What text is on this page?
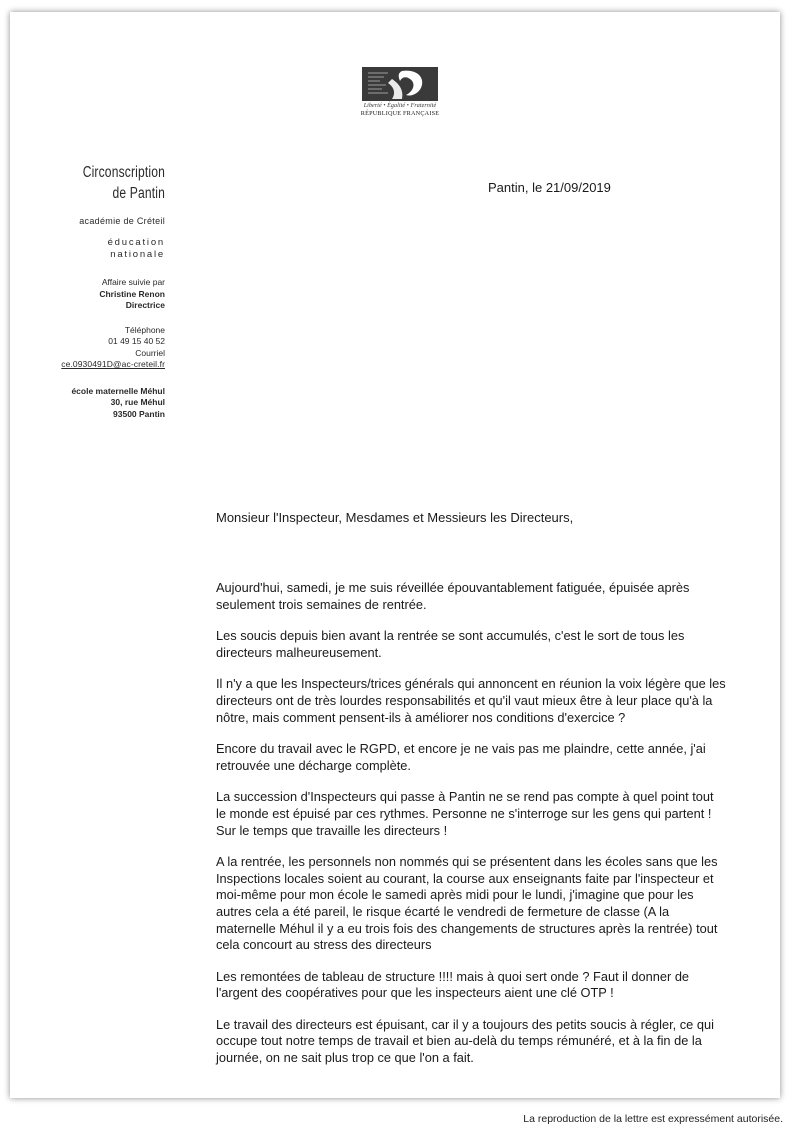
Liberté • Égalité • Fraternité
RÉPUBLIQUE FRANÇAISE
Circonscription
de Pantin
académie de Créteil
éducation
nationale
Affaire suivie par
Christine Renon
Directrice
Téléphone
01 49 15 40 52
Courriel
ce.0930491D@ac-creteil.fr
école maternelle Méhul
30, rue Méhul
93500 Pantin
Pantin, le 21/09/2019
Monsieur l'Inspecteur, Mesdames et Messieurs les Directeurs,

Aujourd'hui, samedi, je me suis réveillée épouvantablement fatiguée, épuisée après seulement trois semaines de rentrée.

Les soucis depuis bien avant la rentrée se sont accumulés, c'est le sort de tous les directeurs malheureusement.

Il n'y a que les Inspecteurs/trices générals qui annoncent en réunion la voix légère que les directeurs ont de très lourdes responsabilités et qu'il vaut mieux être à leur place qu'à la nôtre, mais comment pensent-ils à améliorer nos conditions d'exercice ?

Encore du travail avec le RGPD, et encore je ne vais pas me plaindre, cette année, j'ai retrouvée une décharge complète.

La succession d'Inspecteurs qui passe à Pantin ne se rend pas compte à quel point tout le monde est épuisé par ces rythmes. Personne ne s'interroge sur les gens qui partent ! Sur le temps que travaille les directeurs !

A la rentrée, les personnels non nommés qui se présentent dans les écoles sans que les Inspections locales soient au courant, la course aux enseignants faite par l'inspecteur et moi-même pour mon école le samedi après midi pour le lundi, j'imagine que pour les autres cela a été pareil, le risque écarté le vendredi de fermeture de classe (A la maternelle Méhul il y a eu trois fois des changements de structures après la rentrée) tout cela concourt au stress des directeurs

Les remontées de tableau de structure !!!! mais à quoi sert onde ? Faut il donner de l'argent des coopératives pour que les inspecteurs aient une clé OTP !

Le travail des directeurs est épuisant, car il y a toujours des petits soucis à régler, ce qui occupe tout notre temps de travail et bien au-delà du temps rémunéré, et à la fin de la journée, on ne sait plus trop ce que l'on a fait.

La reproduction de la lettre est expressément autorisée.
